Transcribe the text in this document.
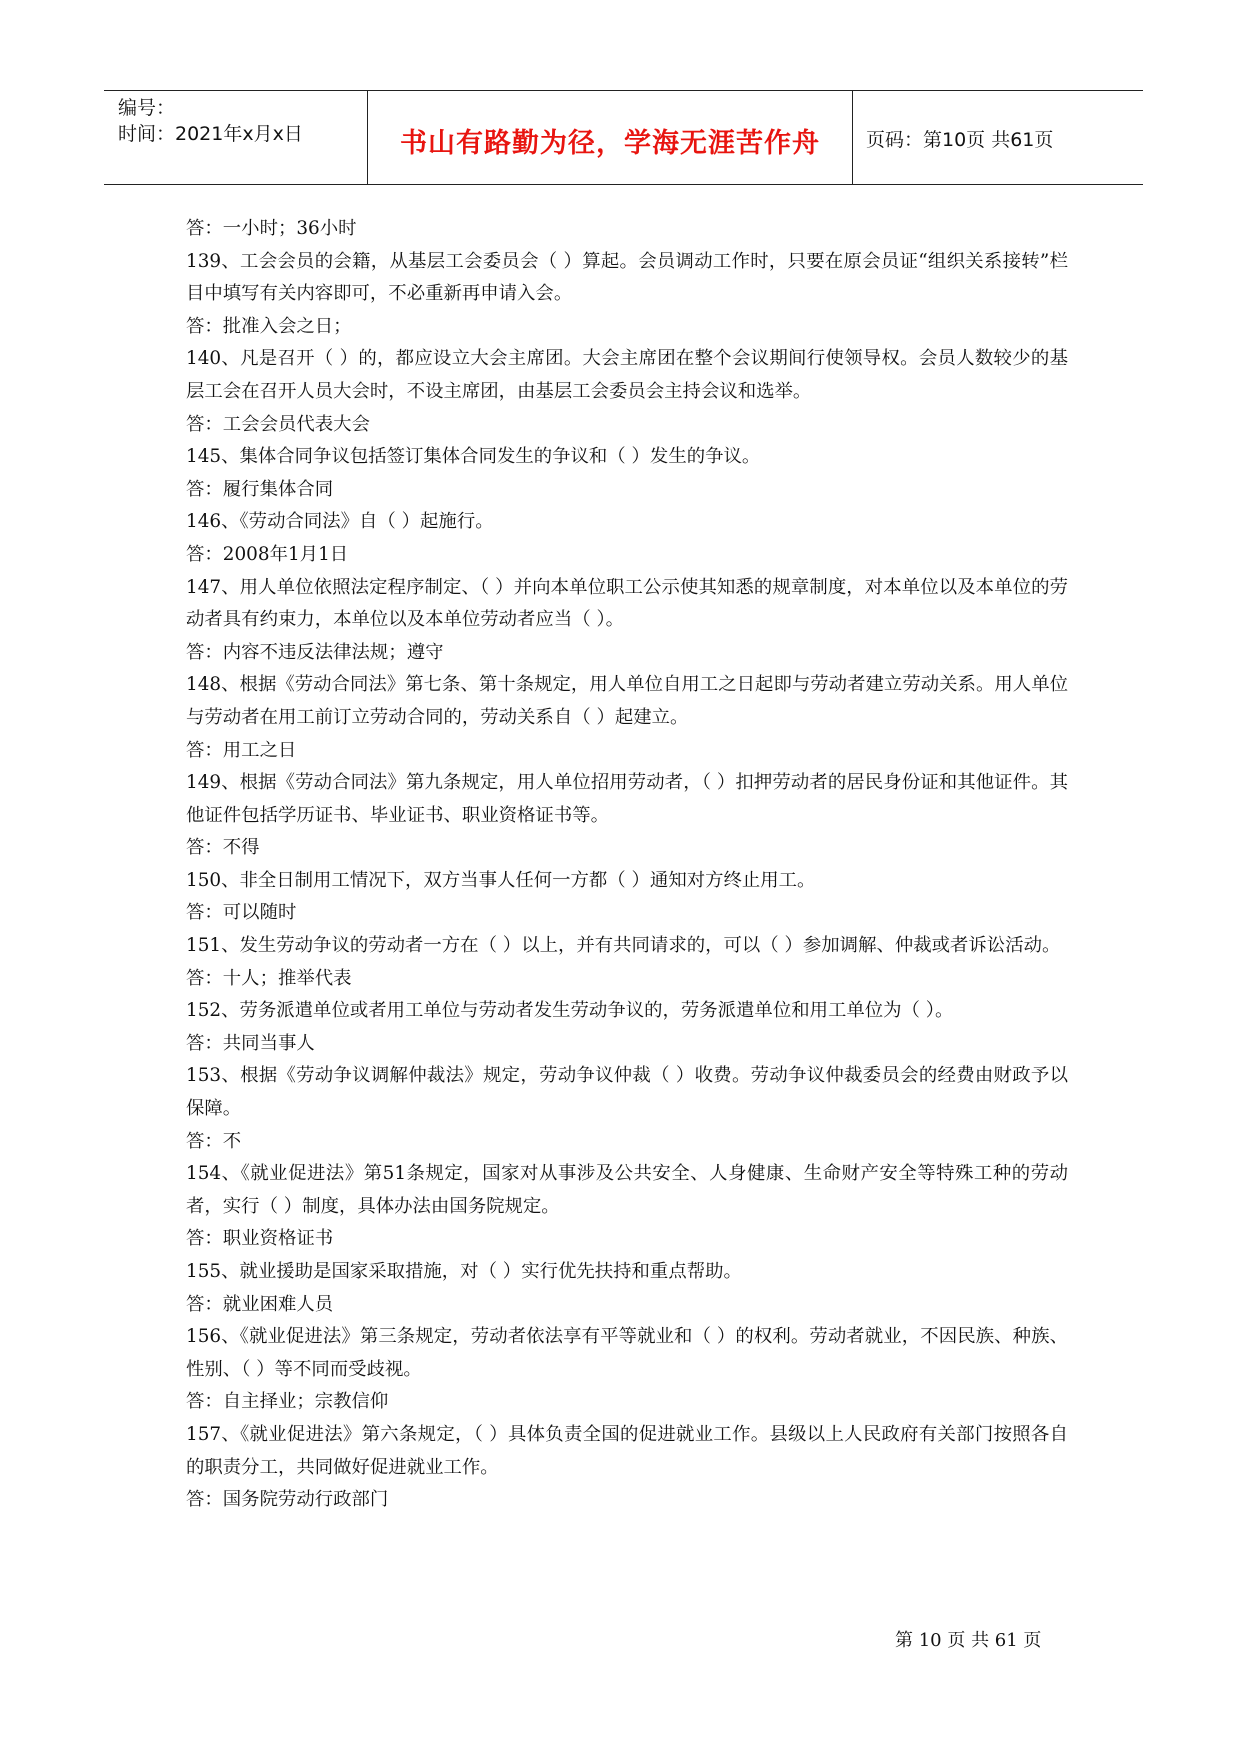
编号：
时间：2021年x月x日	书山有路勤为径，学海无涯苦作舟	页码：第10页 共61页

答：一小时；36小时

139、工会会员的会籍，从基层工会委员会（ ）算起。会员调动工作时，只要在原会员证“组织关系接转”栏目中填写有关内容即可，不必重新再申请入会。

答：批准入会之日；

140、凡是召开（ ）的，都应设立大会主席团。大会主席团在整个会议期间行使领导权。会员人数较少的基层工会在召开人员大会时，不设主席团，由基层工会委员会主持会议和选举。

答：工会会员代表大会

145、集体合同争议包括签订集体合同发生的争议和（ ）发生的争议。

答：履行集体合同

146、《劳动合同法》自（ ）起施行。

答：2008年1月1日

147、用人单位依照法定程序制定、（ ）并向本单位职工公示使其知悉的规章制度，对本单位以及本单位的劳动者具有约束力，本单位以及本单位劳动者应当（ ）。

答：内容不违反法律法规；遵守

148、根据《劳动合同法》第七条、第十条规定，用人单位自用工之日起即与劳动者建立劳动关系。用人单位与劳动者在用工前订立劳动合同的，劳动关系自（ ）起建立。

答：用工之日

149、根据《劳动合同法》第九条规定，用人单位招用劳动者，（ ）扣押劳动者的居民身份证和其他证件。其他证件包括学历证书、毕业证书、职业资格证书等。

答：不得

150、非全日制用工情况下，双方当事人任何一方都（ ）通知对方终止用工。

答：可以随时

151、发生劳动争议的劳动者一方在（ ）以上，并有共同请求的，可以（ ）参加调解、仲裁或者诉讼活动。

答：十人；推举代表

152、劳务派遣单位或者用工单位与劳动者发生劳动争议的，劳务派遣单位和用工单位为（ ）。

答：共同当事人

153、根据《劳动争议调解仲裁法》规定，劳动争议仲裁（ ）收费。劳动争议仲裁委员会的经费由财政予以保障。

答：不

154、《就业促进法》第51条规定，国家对从事涉及公共安全、人身健康、生命财产安全等特殊工种的劳动者，实行（ ）制度，具体办法由国务院规定。

答：职业资格证书

155、就业援助是国家采取措施，对（ ）实行优先扶持和重点帮助。

答：就业困难人员

156、《就业促进法》第三条规定，劳动者依法享有平等就业和（ ）的权利。劳动者就业，不因民族、种族、性别、（ ）等不同而受歧视。

答：自主择业；宗教信仰

157、《就业促进法》第六条规定，（ ）具体负责全国的促进就业工作。县级以上人民政府有关部门按照各自的职责分工，共同做好促进就业工作。

答：国务院劳动行政部门

第 10 页 共 61 页
